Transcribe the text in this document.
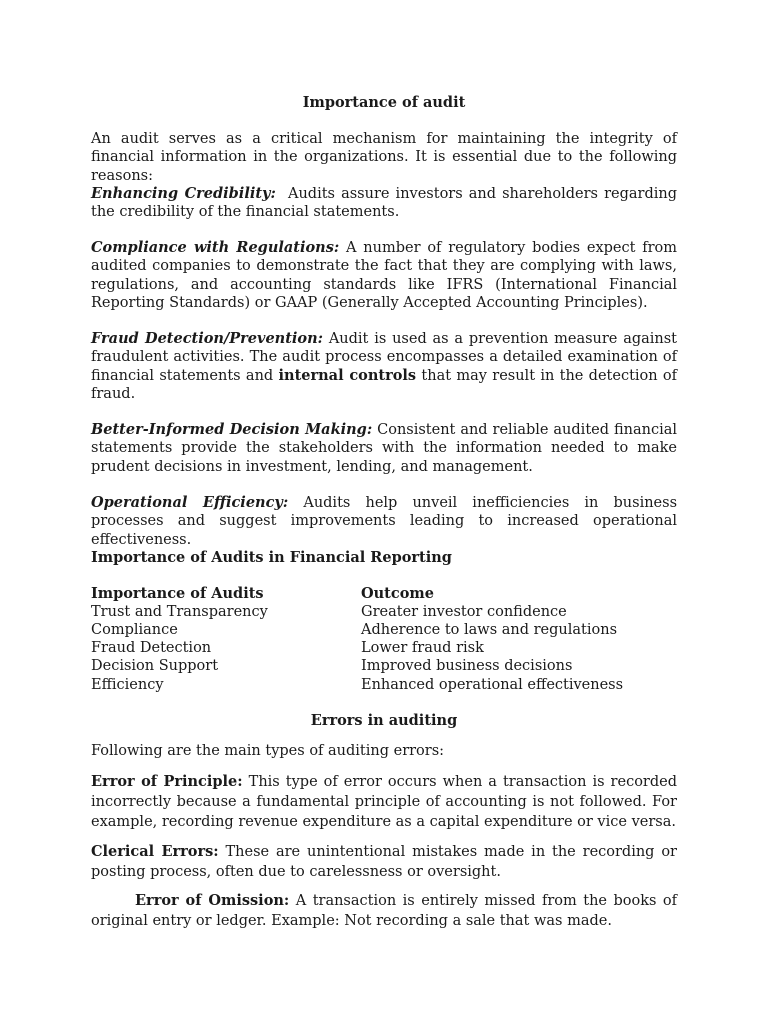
Importance of audit

An audit serves as a critical mechanism for maintaining the integrity of financial information in the organizations. It is essential due to the following reasons:

Enhancing Credibility: Audits assure investors and shareholders regarding the credibility of the financial statements.

Compliance with Regulations: A number of regulatory bodies expect from audited companies to demonstrate the fact that they are complying with laws, regulations, and accounting standards like IFRS (International Financial Reporting Standards) or GAAP (Generally Accepted Accounting Principles).

Fraud Detection/Prevention: Audit is used as a prevention measure against fraudulent activities. The audit process encompasses a detailed examination of financial statements and internal controls that may result in the detection of fraud.

Better-Informed Decision Making: Consistent and reliable audited financial statements provide the stakeholders with the information needed to make prudent decisions in investment, lending, and management.

Operational Efficiency: Audits help unveil inefficiencies in business processes and suggest improvements leading to increased operational effectiveness.

Importance of Audits in Financial Reporting

Importance of Audits	Outcome
Trust and Transparency	Greater investor confidence
Compliance	Adherence to laws and regulations
Fraud Detection	Lower fraud risk
Decision Support	Improved business decisions
Efficiency	Enhanced operational effectiveness

Errors in auditing

Following are the main types of auditing errors:

Error of Principle: This type of error occurs when a transaction is recorded incorrectly because a fundamental principle of accounting is not followed. For example, recording revenue expenditure as a capital expenditure or vice versa.

Clerical Errors: These are unintentional mistakes made in the recording or posting process, often due to carelessness or oversight.

Error of Omission: A transaction is entirely missed from the books of original entry or ledger. Example: Not recording a sale that was made.
